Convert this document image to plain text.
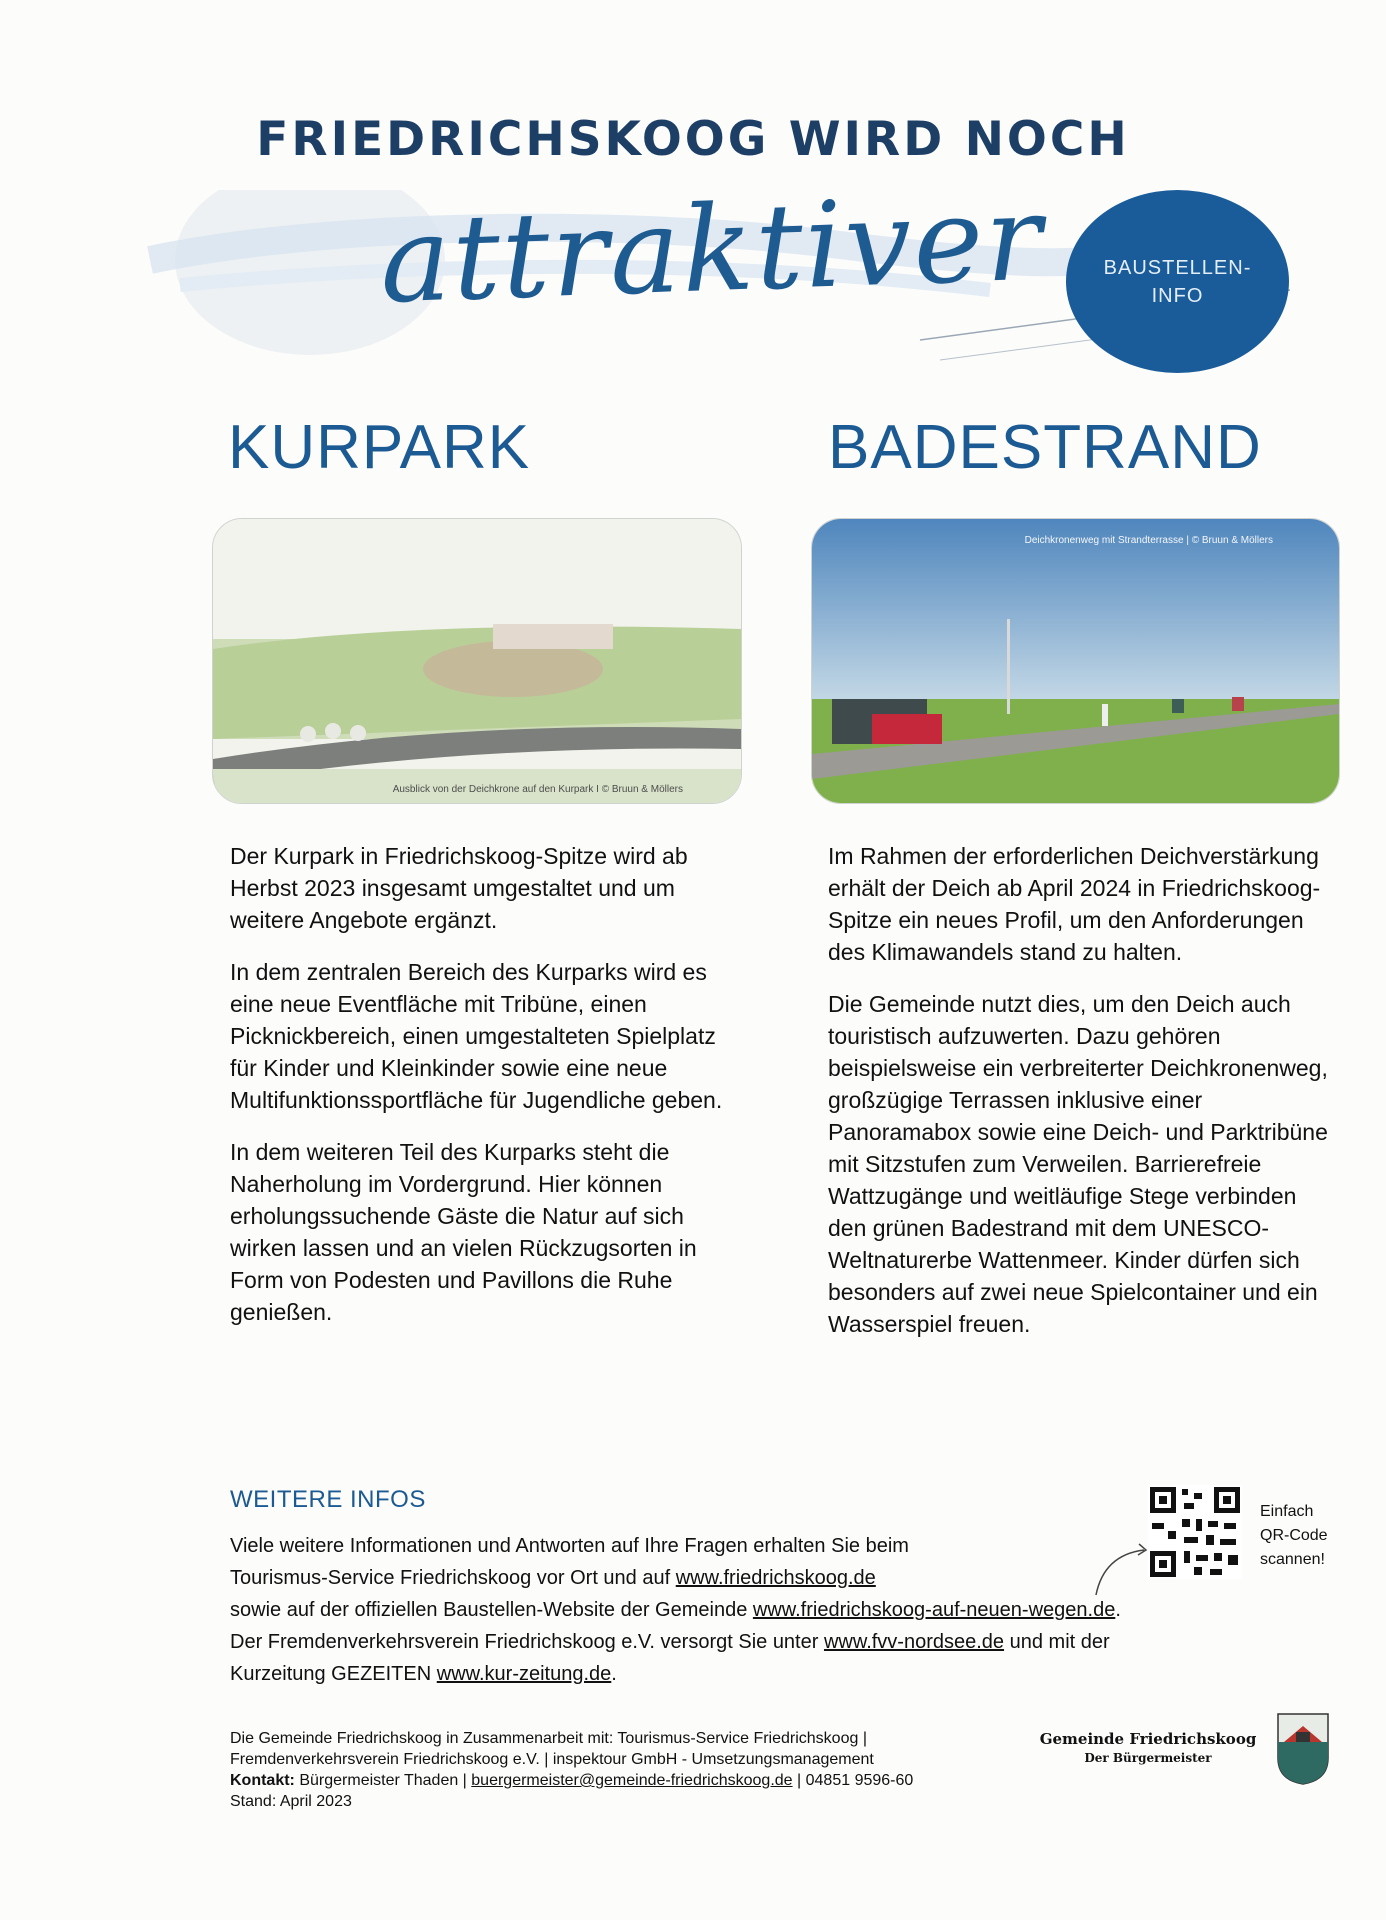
FRIEDRICHSKOOG WIRD NOCH
attraktiver	BAUSTELLEN-
INFO
KURPARK	BADESTRAND
Ausblick von der Deichkrone auf den Kurpark I © Bruun & Möllers
Deichkronenweg mit Strandterrasse | © Bruun & Möllers

Der Kurpark in Friedrichskoog-Spitze wird ab Herbst 2023 insgesamt umgestaltet und um weitere Angebote ergänzt.

In dem zentralen Bereich des Kurparks wird es eine neue Eventfläche mit Tribüne, einen Picknickbereich, einen umgestalteten Spielplatz für Kinder und Kleinkinder sowie eine neue Multifunktionssportfläche für Jugendliche geben.

In dem weiteren Teil des Kurparks steht die Naherholung im Vordergrund. Hier können erholungssuchende Gäste die Natur auf sich wirken lassen und an vielen Rückzugsorten in Form von Podesten und Pavillons die Ruhe genießen.

Im Rahmen der erforderlichen Deichverstärkung erhält der Deich ab April 2024 in Friedrichskoog-Spitze ein neues Profil, um den Anforderungen des Klimawandels stand zu halten.

Die Gemeinde nutzt dies, um den Deich auch touristisch aufzuwerten. Dazu gehören beispielsweise ein verbreiterter Deichkronenweg, großzügige Terrassen inklusive einer Panoramabox sowie eine Deich- und Parktribüne mit Sitzstufen zum Verweilen. Barrierefreie Wattzugänge und weitläufige Stege verbinden den grünen Badestrand mit dem UNESCO-Weltnaturerbe Wattenmeer. Kinder dürfen sich besonders auf zwei neue Spielcontainer und ein Wasserspiel freuen.

WEITERE INFOS
Viele weitere Informationen und Antworten auf Ihre Fragen erhalten Sie beim
Tourismus-Service Friedrichskoog vor Ort und auf www.friedrichskoog.de
sowie auf der offiziellen Baustellen-Website der Gemeinde www.friedrichskoog-auf-neuen-wegen.de.
Der Fremdenverkehrsverein Friedrichskoog e.V. versorgt Sie unter www.fvv-nordsee.de und mit der
Kurzeitung GEZEITEN www.kur-zeitung.de.
Einfach
QR-Code
scannen!
Die Gemeinde Friedrichskoog in Zusammenarbeit mit: Tourismus-Service Friedrichskoog |
Fremdenverkehrsverein Friedrichskoog e.V. | inspektour GmbH - Umsetzungsmanagement
Kontakt: Bürgermeister Thaden | buergermeister@gemeinde-friedrichskoog.de | 04851 9596-60
Stand: April 2023
Gemeinde Friedrichskoog
Der Bürgermeister
